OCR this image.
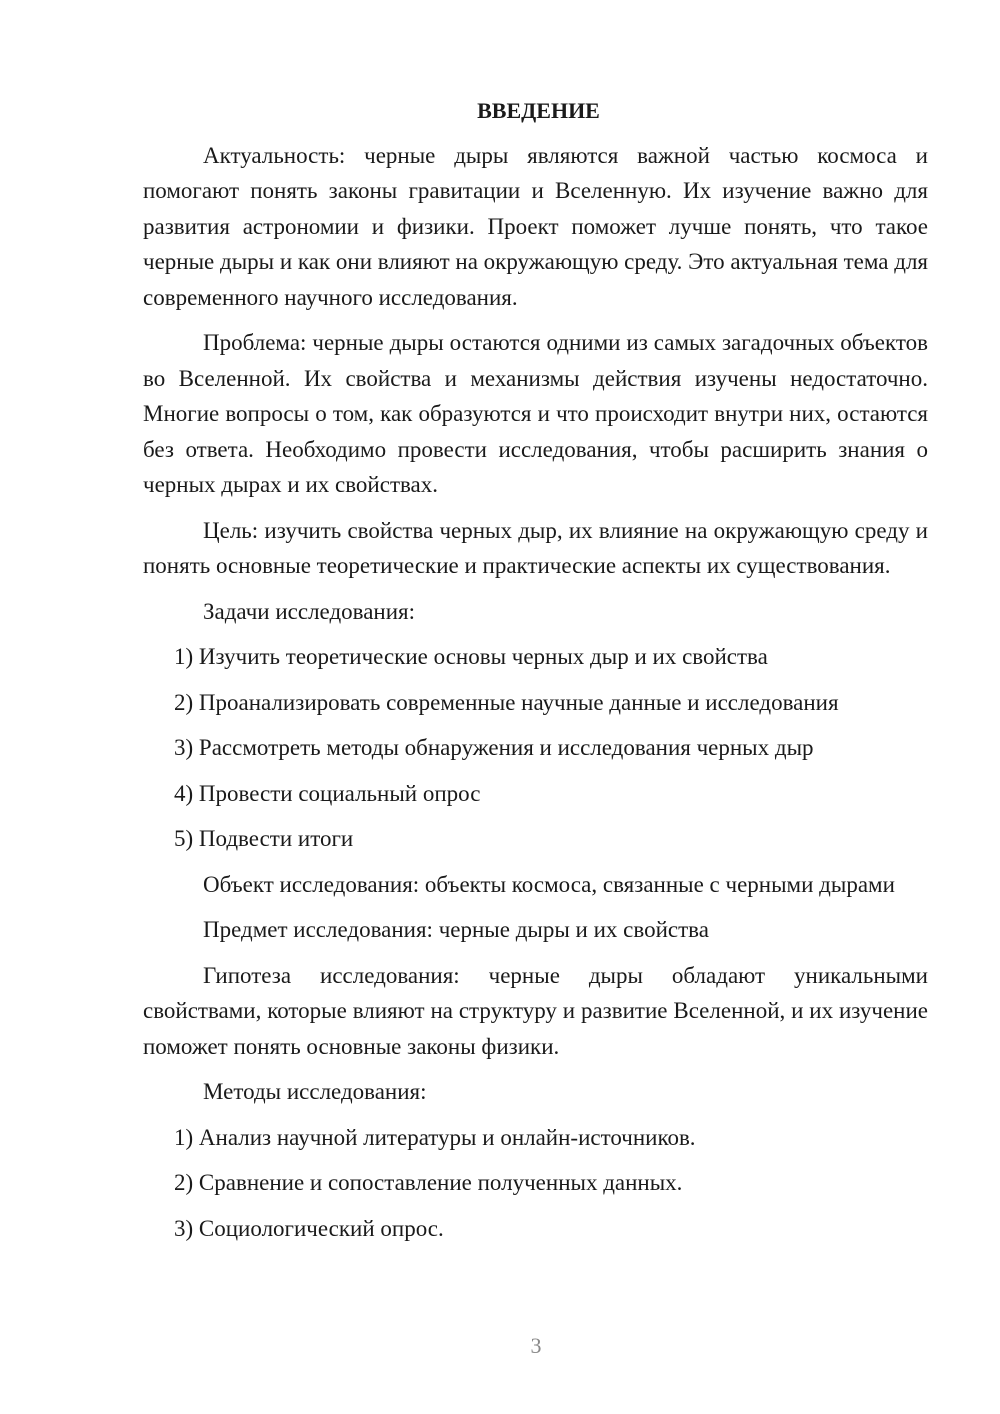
ВВЕДЕНИЕ

Актуальность: черные дыры являются важной частью космоса и помогают понять законы гравитации и Вселенную. Их изучение важно для развития астрономии и физики. Проект поможет лучше понять, что такое черные дыры и как они влияют на окружающую среду. Это актуальная тема для современного научного исследования.

Проблема: черные дыры остаются одними из самых загадочных объектов во Вселенной. Их свойства и механизмы действия изучены недостаточно. Многие вопросы о том, как образуются и что происходит внутри них, остаются без ответа. Необходимо провести исследования, чтобы расширить знания о черных дырах и их свойствах.

Цель: изучить свойства черных дыр, их влияние на окружающую среду и понять основные теоретические и практические аспекты их существования.

Задачи исследования:

1) Изучить теоретические основы черных дыр и их свойства
2) Проанализировать современные научные данные и исследования
3) Рассмотреть методы обнаружения и исследования черных дыр
4) Провести социальный опрос
5) Подвести итоги

Объект исследования: объекты космоса, связанные с черными дырами

Предмет исследования: черные дыры и их свойства

Гипотеза исследования: черные дыры обладают уникальными свойствами, которые влияют на структуру и развитие Вселенной, и их изучение поможет понять основные законы физики.

Методы исследования:

1) Анализ научной литературы и онлайн-источников.
2) Сравнение и сопоставление полученных данных.
3) Социологический опрос.
3
